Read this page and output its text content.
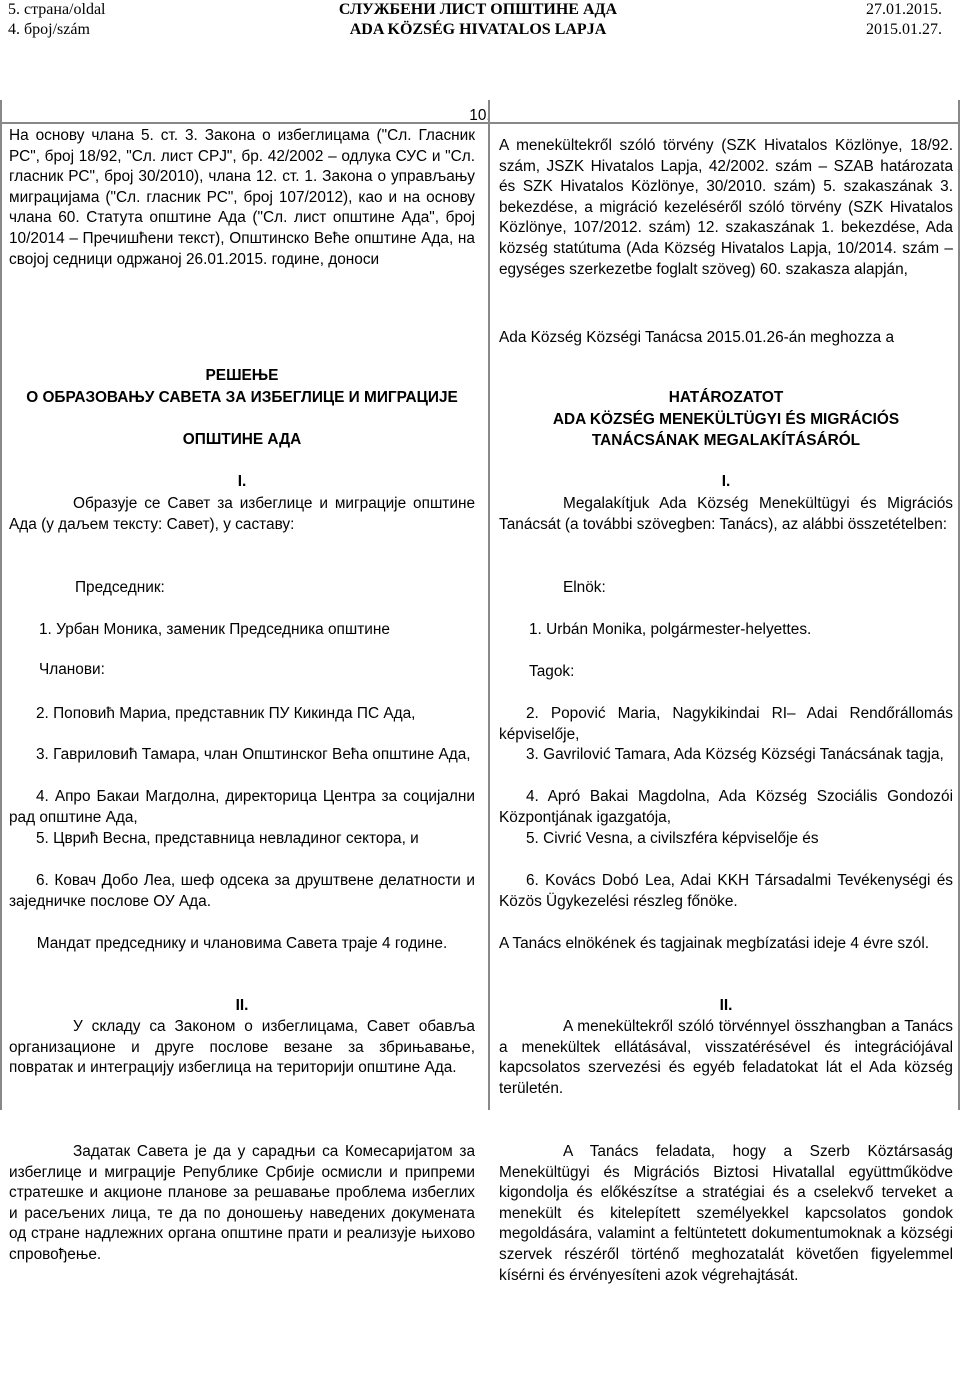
5. страна/oldal
4. број/szám
СЛУЖБЕНИ ЛИСТ ОПШТИНЕ АДА
ADA KÖZSÉG HIVATALOS LAPJA
27.01.2015.
2015.01.27.
10.

На основу члана 5. ст. 3. Закона о избеглицама ("Сл. Гласник РС", број 18/92, "Сл. лист СРЈ", бр. 42/2002 – одлука СУС и "Сл. гласник РС", број 30/2010), члана 12. ст. 1. Закона о управљању миграцијама ("Сл. гласник РС", број 107/2012), као и на основу члана 60. Статута општине Ада ("Сл. лист општине Ада", број 10/2014 – Пречишћени текст), Општинско Веће општине Ада, на својој седници одржаној 26.01.2015. године, доноси

РЕШЕЊЕ

О ОБРАЗОВАЊУ САВЕТА ЗА ИЗБЕГЛИЦЕ И МИГРАЦИЈЕ

ОПШТИНЕ АДА

I.

Образује се Савет за избеглице и миграције општине Ада (у даљем тексту: Савет), у саставу:

Председник:

1. Урбан Моника, заменик Председника општине

Чланови:

2. Поповић Мариа, представник ПУ Кикинда ПС Ада,

3. Гавриловић Тамара, члан Општинског Већа општине Ада,

4. Апро Бакаи Магдолна, директорица Центра за социјални рад општине Ада,

5. Цврић Весна, представница невладиног сектора, и

6. Ковач Добо Леа, шеф одсека за друштвене делатности и заједничке послове ОУ Ада.

Мандат председнику и члановима Савета траје 4 године.

II.

У складу са Законом о избеглицама, Савет обавља организационе и друге послове везане за збрињавање, повратак и интеграцију избеглица на територији општине Ада.

Задатак Савета је да у сарадњи са Комесаријатом за избеглице и миграције Републике Србије осмисли и припреми стратешке и акционе планове за решавање проблема избеглих и расељених лица, те да по доношењу наведених докумената од стране надлежних органа општине прати и реализује њихово спровођење.

A menekültekről szóló törvény (SZK Hivatalos Közlönye, 18/92. szám, JSZK Hivatalos Lapja, 42/2002. szám – SZAB határozata és SZK Hivatalos Közlönye, 30/2010. szám) 5. szakaszának 3. bekezdése, a migráció kezeléséről szóló törvény (SZK Hivatalos Közlönye, 107/2012. szám) 12. szakaszának 1. bekezdése, Ada község statútuma (Ada Község Hivatalos Lapja, 10/2014. szám – egységes szerkezetbe foglalt szöveg) 60. szakasza alapján,

Ada Község Községi Tanácsa 2015.01.26-án meghozza a

HATÁROZATOT

ADA KÖZSÉG MENEKÜLTÜGYI ÉS MIGRÁCIÓS TANÁCSÁNAK MEGALAKÍTÁSÁRÓL

I.

Megalakítjuk Ada Község Menekültügyi és Migrációs Tanácsát (a további szövegben: Tanács), az alábbi összetételben:

Elnök:

1. Urbán Monika, polgármester-helyettes.

Tagok:

2. Popović Maria, Nagykikindai RI– Adai Rendőrállomás képviselője,

3. Gavrilović Tamara, Ada Község Községi Tanácsának tagja,

4. Apró Bakai Magdolna, Ada Község Szociális Gondozói Központjának igazgatója,

5. Civrić Vesna, a civilszféra képviselője és

6. Kovács Dobó Lea, Adai KKH Társadalmi Tevékenységi és Közös Ügykezelési részleg főnöke.

A Tanács elnökének és tagjainak megbízatási ideje 4 évre szól.

II.

A menekültekről szóló törvénnyel összhangban a Tanács a menekültek ellátásával, visszatérésével és integrációjával kapcsolatos szervezési és egyéb feladatokat lát el Ada község területén.

A Tanács feladata, hogy a Szerb Köztársaság Menekültügyi és Migrációs Biztosi Hivatallal együttműködve kigondolja és előkészítse a stratégiai és a cselekvő terveket a menekült és kitelepített személyekkel kapcsolatos gondok megoldására, valamint a feltüntetett dokumentumoknak a községi szervek részéről történő meghozatalát követően figyelemmel kísérni és érvényesíteni azok végrehajtását.
